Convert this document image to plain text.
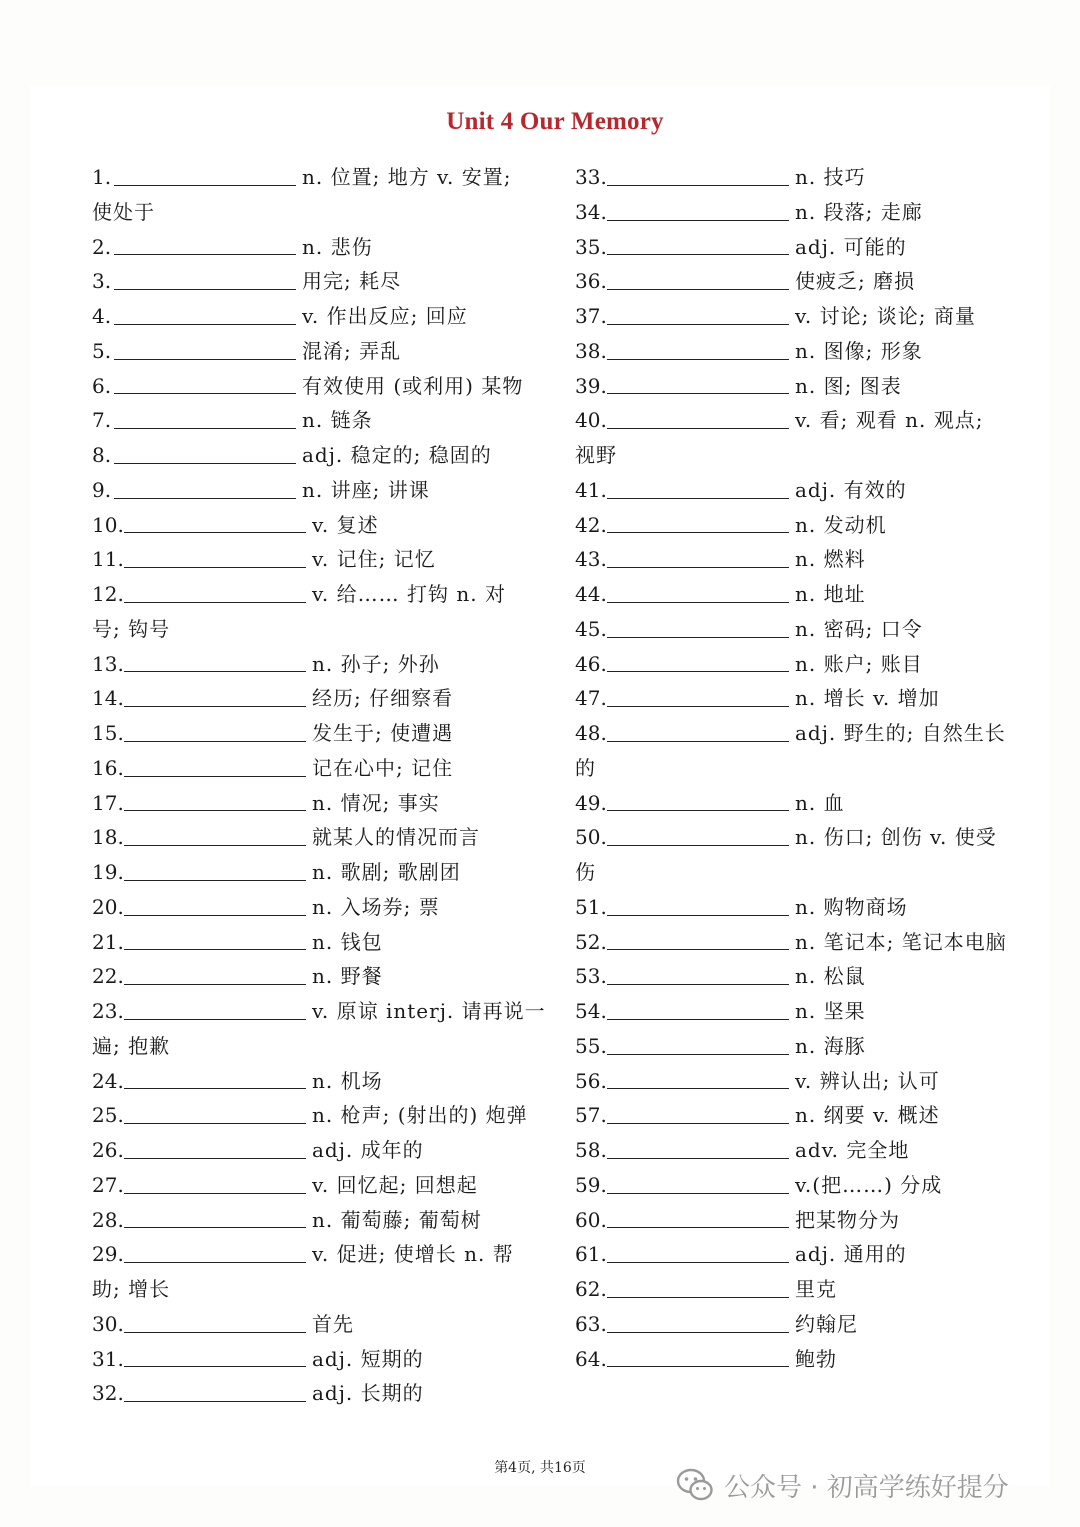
Unit 4 Our Memory
1.	n. 位置; 地方 v. 安置;
使处于
2.	n. 悲伤
3.	用完; 耗尽
4.	v. 作出反应; 回应
5.	混淆; 弄乱
6.	有效使用 (或利用) 某物
7.	n. 链条
8.	adj. 稳定的; 稳固的
9.	n. 讲座; 讲课
10.	v. 复述
11.	v. 记住; 记忆
12.	v. 给…… 打钩 n. 对
号; 钩号
13.	n. 孙子; 外孙
14.	经历; 仔细察看
15.	发生于; 使遭遇
16.	记在心中; 记住
17.	n. 情况; 事实
18.	就某人的情况而言
19.	n. 歌剧; 歌剧团
20.	n. 入场券; 票
21.	n. 钱包
22.	n. 野餐
23.	v. 原谅 interj. 请再说一
遍; 抱歉
24.	n. 机场
25.	n. 枪声; (射出的) 炮弹
26.	adj. 成年的
27.	v. 回忆起; 回想起
28.	n. 葡萄藤; 葡萄树
29.	v. 促进; 使增长 n. 帮
助; 增长
30.	首先
31.	adj. 短期的
32.	adj. 长期的
33.	n. 技巧
34.	n. 段落; 走廊
35.	adj. 可能的
36.	使疲乏; 磨损
37.	v. 讨论; 谈论; 商量
38.	n. 图像; 形象
39.	n. 图; 图表
40.	v. 看; 观看 n. 观点;
视野
41.	adj. 有效的
42.	n. 发动机
43.	n. 燃料
44.	n. 地址
45.	n. 密码; 口令
46.	n. 账户; 账目
47.	n. 增长 v. 增加
48.	adj. 野生的; 自然生长
的
49.	n. 血
50.	n. 伤口; 创伤 v. 使受
伤
51.	n. 购物商场
52.	n. 笔记本; 笔记本电脑
53.	n. 松鼠
54.	n. 坚果
55.	n. 海豚
56.	v. 辨认出; 认可
57.	n. 纲要 v. 概述
58.	adv. 完全地
59.	v.(把……) 分成
60.	把某物分为
61.	adj. 通用的
62.	里克
63.	约翰尼
64.	鲍勃
第4页, 共16页
公众号 · 初高学练好提分
